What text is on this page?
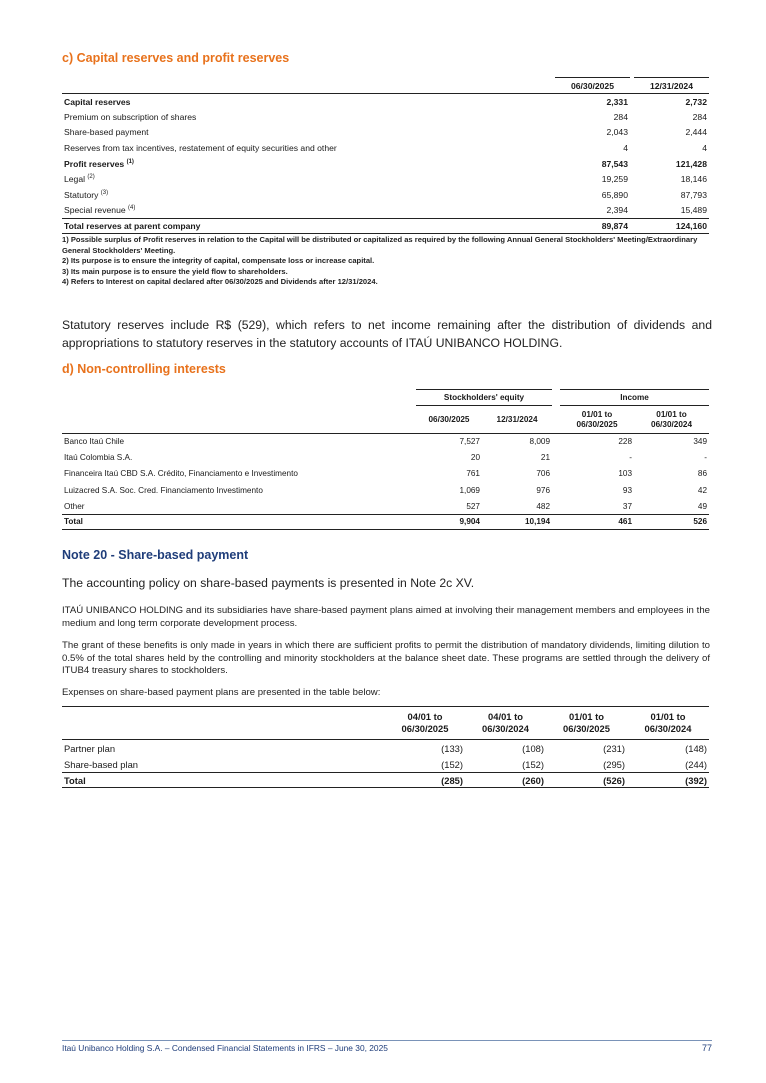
c) Capital reserves and profit reserves
		06/30/2025		12/31/2024
Capital reserves		2,331		2,732
Premium on subscription of shares		284		284
Share-based payment		2,043		2,444
Reserves from tax incentives, restatement of equity securities and other		4		4
Profit reserves $^{(1)}$		87,543		121,428
Legal $^{(2)}$		19,259		18,146
Statutory $^{(3)}$		65,890		87,793
Special revenue $^{(4)}$		2,394		15,489
Total reserves at parent company		89,874		124,160
1) Possible surplus of Profit reserves in relation to the Capital will be distributed or capitalized as required by the following Annual General Stockholders' Meeting/Extraordinary General Stockholders' Meeting.
2) Its purpose is to ensure the integrity of capital, compensate loss or increase capital.
3) Its main purpose is to ensure the yield flow to shareholders.
4) Refers to Interest on capital declared after 06/30/2025 and Dividends after 12/31/2024.
Statutory reserves include R$ (529), which refers to net income remaining after the distribution of dividends and appropriations to statutory reserves in the statutory accounts of ITAÚ UNIBANCO HOLDING.
d) Non-controlling interests
	Stockholders' equity			Income	
	06/30/2025	12/31/2024		01/01 to 06/30/2025	01/01 to 06/30/2024
Banco Itaú Chile	7,527	8,009		228	349
Itaú Colombia S.A.	20	21		-	-
Financeira Itaú CBD S.A. Crédito, Financiamento e Investimento	761	706		103	86
Luizacred S.A. Soc. Cred. Financiamento Investimento	1,069	976		93	42
Other	527	482		37	49
Total	9,904	10,194		461	526
Note 20 - Share-based payment
The accounting policy on share-based payments is presented in Note 2c XV.
ITAÚ UNIBANCO HOLDING and its subsidiaries have share-based payment plans aimed at involving their management members and employees in the medium and long term corporate development process.
The grant of these benefits is only made in years in which there are sufficient profits to permit the distribution of mandatory dividends, limiting dilution to 0.5% of the total shares held by the controlling and minority stockholders at the balance sheet date. These programs are settled through the delivery of ITUB4 treasury shares to stockholders.
Expenses on share-based payment plans are presented in the table below:
	04/01 to 06/30/2025	04/01 to 06/30/2024	01/01 to 06/30/2025	01/01 to 06/30/2024
Partner plan	(133)	(108)	(231)	(148)
Share-based plan	(152)	(152)	(295)	(244)
Total	(285)	(260)	(526)	(392)
Itaú Unibanco Holding S.A. – Condensed Financial Statements in IFRS – June 30, 2025	77
